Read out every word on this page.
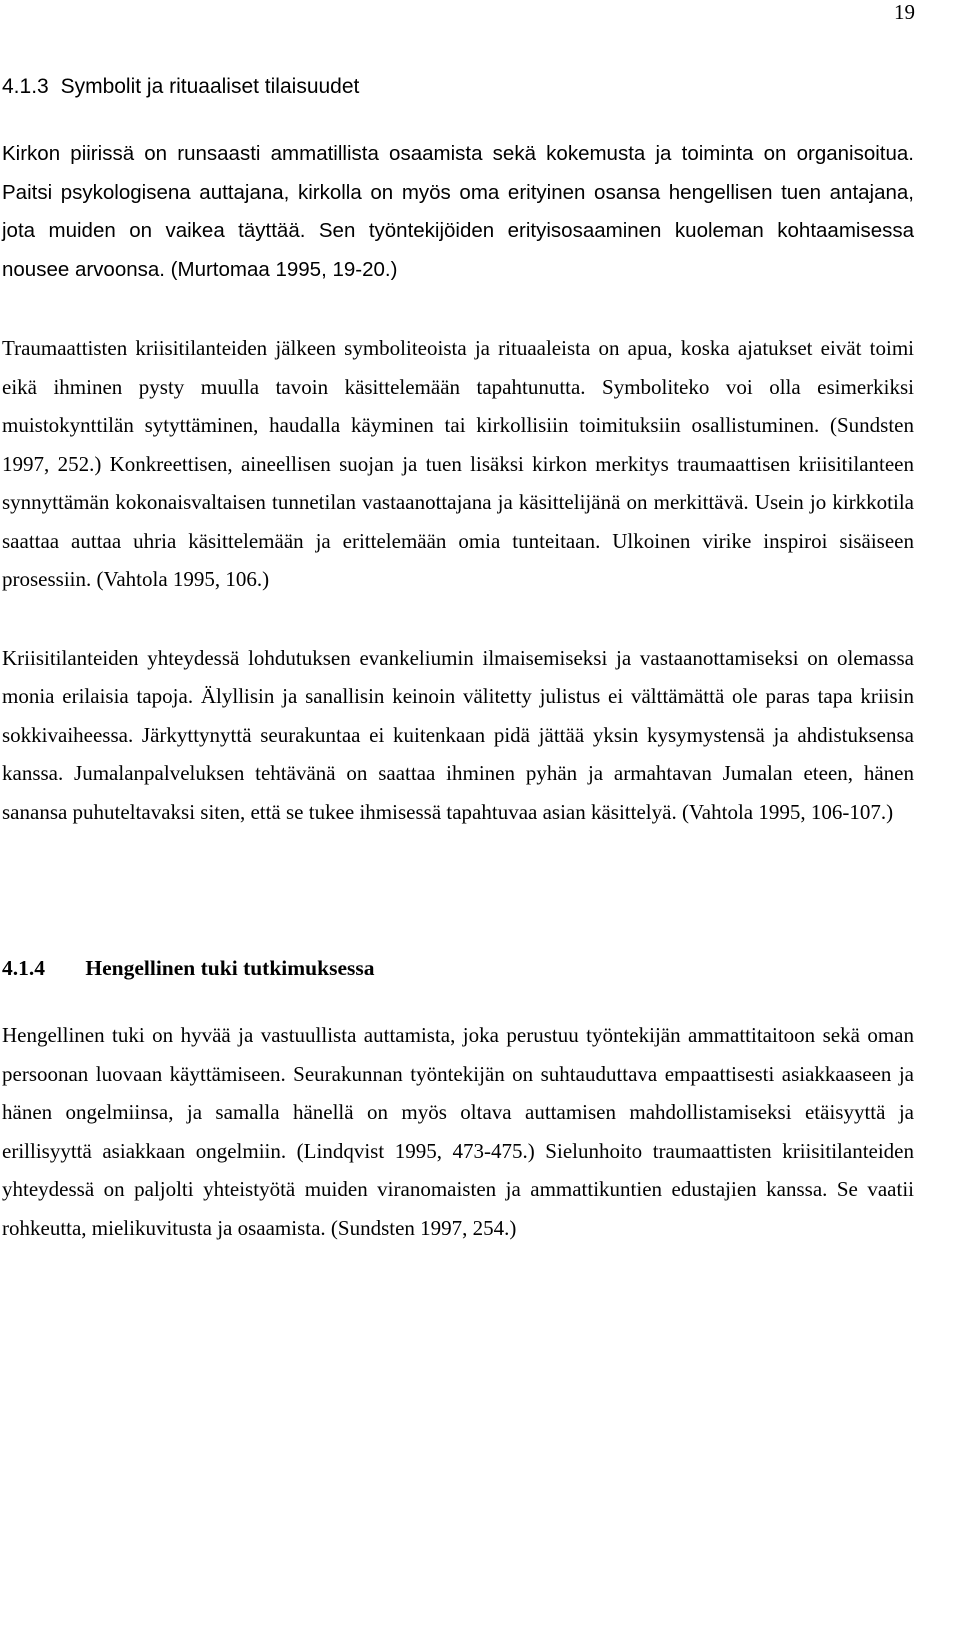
19
4.1.3 Symbolit ja rituaaliset tilaisuudet

Kirkon piirissä on runsaasti ammatillista osaamista sekä kokemusta ja toiminta on organisoitua. Paitsi psykologisena auttajana, kirkolla on myös oma erityinen osansa hengellisen tuen antajana, jota muiden on vaikea täyttää. Sen työntekijöiden erityisosaaminen kuoleman kohtaamisessa nousee arvoonsa. (Murtomaa 1995, 19-20.)

Traumaattisten kriisitilanteiden jälkeen symboliteoista ja rituaaleista on apua, koska ajatukset eivät toimi eikä ihminen pysty muulla tavoin käsittelemään tapahtunutta. Symboliteko voi olla esimerkiksi muistokynttilän sytyttäminen, haudalla käyminen tai kirkollisiin toimituksiin osallistuminen. (Sundsten 1997, 252.) Konkreettisen, aineellisen suojan ja tuen lisäksi kirkon merkitys traumaattisen kriisitilanteen synnyttämän kokonaisvaltaisen tunnetilan vastaanottajana ja käsittelijänä on merkittävä. Usein jo kirkkotila saattaa auttaa uhria käsittelemään ja erittelemään omia tunteitaan. Ulkoinen virike inspiroi sisäiseen prosessiin. (Vahtola 1995, 106.)

Kriisitilanteiden yhteydessä lohdutuksen evankeliumin ilmaisemiseksi ja vastaanottamiseksi on olemassa monia erilaisia tapoja. Älyllisin ja sanallisin keinoin välitetty julistus ei välttämättä ole paras tapa kriisin sokkivaiheessa. Järkyttynyttä seurakuntaa ei kuitenkaan pidä jättää yksin kysymystensä ja ahdistuksensa kanssa. Jumalanpalveluksen tehtävänä on saattaa ihminen pyhän ja armahtavan Jumalan eteen, hänen sanansa puhuteltavaksi siten, että se tukee ihmisessä tapahtuvaa asian käsittelyä. (Vahtola 1995, 106-107.)

4.1.4 Hengellinen tuki tutkimuksessa

Hengellinen tuki on hyvää ja vastuullista auttamista, joka perustuu työntekijän ammattitaitoon sekä oman persoonan luovaan käyttämiseen. Seurakunnan työntekijän on suhtauduttava empaattisesti asiakkaaseen ja hänen ongelmiinsa, ja samalla hänellä on myös oltava auttamisen mahdollistamiseksi etäisyyttä ja erillisyyttä asiakkaan ongelmiin. (Lindqvist 1995, 473-475.) Sielunhoito traumaattisten kriisitilanteiden yhteydessä on paljolti yhteistyötä muiden viranomaisten ja ammattikuntien edustajien kanssa. Se vaatii rohkeutta, mielikuvitusta ja osaamista. (Sundsten 1997, 254.)
